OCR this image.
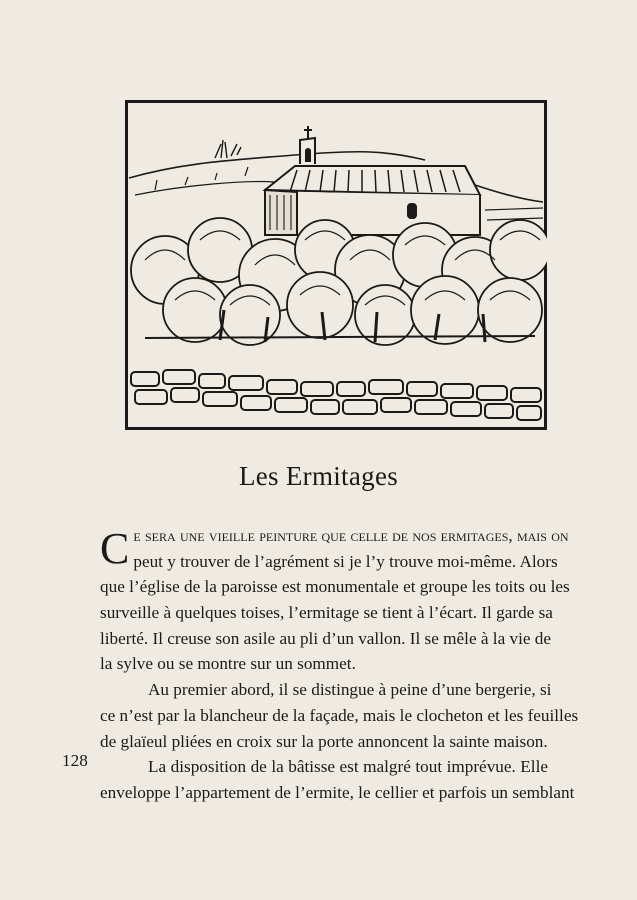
Les Ermitages
Ce sera une vieille peinture que celle de nos ermitages, mais on
peut y trouver de l’agrément si je l’y trouve moi-même. Alors
que l’église de la paroisse est monumentale et groupe les toits ou les
surveille à quelques toises, l’ermitage se tient à l’écart. Il garde sa
liberté. Il creuse son asile au pli d’un vallon. Il se mêle à la vie de
la sylve ou se montre sur un sommet.
Au premier abord, il se distingue à peine d’une bergerie, si
ce n’est par la blancheur de la façade, mais le clocheton et les feuilles
de glaïeul pliées en croix sur la porte annoncent la sainte maison.
La disposition de la bâtisse est malgré tout imprévue. Elle
enveloppe l’appartement de l’ermite, le cellier et parfois un semblant
128
